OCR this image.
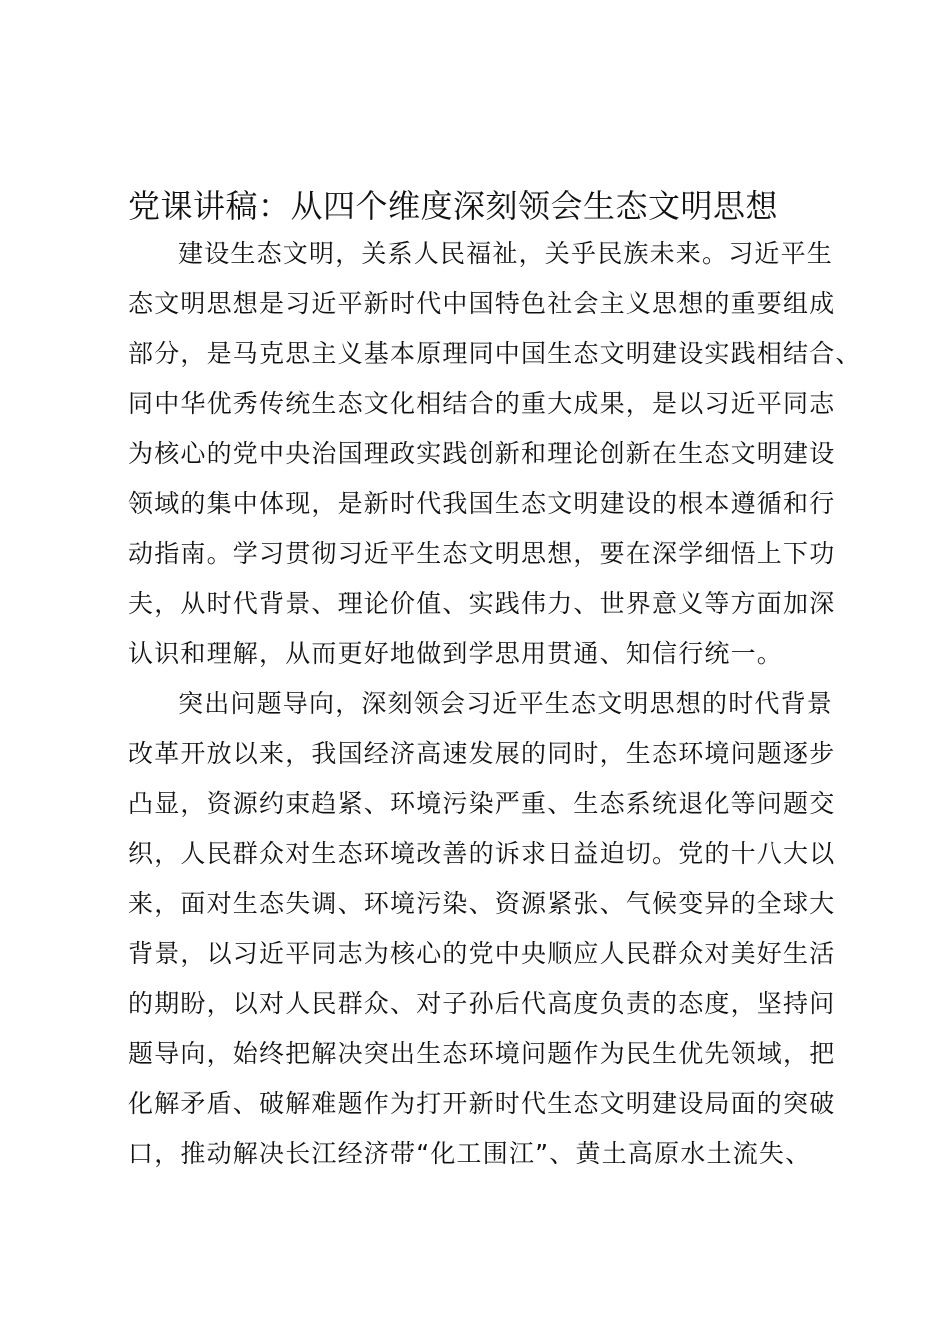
党课讲稿：从四个维度深刻领会生态文明思想
建设生态文明，关系人民福祉，关乎民族未来。习近平生
态文明思想是习近平新时代中国特色社会主义思想的重要组成
部分，是马克思主义基本原理同中国生态文明建设实践相结合、
同中华优秀传统生态文化相结合的重大成果，是以习近平同志
为核心的党中央治国理政实践创新和理论创新在生态文明建设
领域的集中体现，是新时代我国生态文明建设的根本遵循和行
动指南。学习贯彻习近平生态文明思想，要在深学细悟上下功
夫，从时代背景、理论价值、实践伟力、世界意义等方面加深
认识和理解，从而更好地做到学思用贯通、知信行统一。
突出问题导向，深刻领会习近平生态文明思想的时代背景
改革开放以来，我国经济高速发展的同时，生态环境问题逐步
凸显，资源约束趋紧、环境污染严重、生态系统退化等问题交
织，人民群众对生态环境改善的诉求日益迫切。党的十八大以
来，面对生态失调、环境污染、资源紧张、气候变异的全球大
背景，以习近平同志为核心的党中央顺应人民群众对美好生活
的期盼，以对人民群众、对子孙后代高度负责的态度，坚持问
题导向，始终把解决突出生态环境问题作为民生优先领域，把
化解矛盾、破解难题作为打开新时代生态文明建设局面的突破
口，推动解决长江经济带“化工围江”、黄土高原水土流失、
